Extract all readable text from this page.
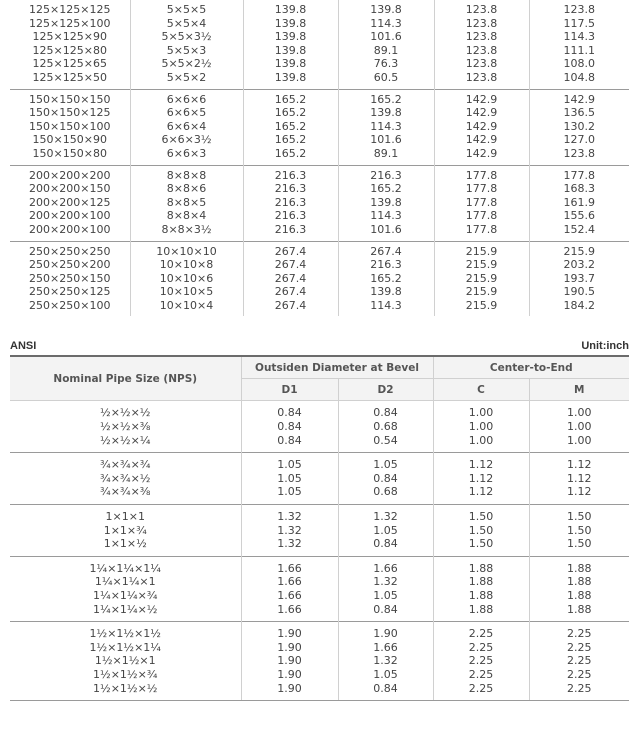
125×125×125	5×5×5	139.8	139.8	123.8	123.8
125×125×100	5×5×4	139.8	114.3	123.8	117.5
125×125×90	5×5×3½	139.8	101.6	123.8	114.3
125×125×80	5×5×3	139.8	89.1	123.8	111.1
125×125×65	5×5×2½	139.8	76.3	123.8	108.0
125×125×50	5×5×2	139.8	60.5	123.8	104.8
150×150×150	6×6×6	165.2	165.2	142.9	142.9
150×150×125	6×6×5	165.2	139.8	142.9	136.5
150×150×100	6×6×4	165.2	114.3	142.9	130.2
150×150×90	6×6×3½	165.2	101.6	142.9	127.0
150×150×80	6×6×3	165.2	89.1	142.9	123.8
200×200×200	8×8×8	216.3	216.3	177.8	177.8
200×200×150	8×8×6	216.3	165.2	177.8	168.3
200×200×125	8×8×5	216.3	139.8	177.8	161.9
200×200×100	8×8×4	216.3	114.3	177.8	155.6
200×200×100	8×8×3½	216.3	101.6	177.8	152.4
250×250×250	10×10×10	267.4	267.4	215.9	215.9
250×250×200	10×10×8	267.4	216.3	215.9	203.2
250×250×150	10×10×6	267.4	165.2	215.9	193.7
250×250×125	10×10×5	267.4	139.8	215.9	190.5
250×250×100	10×10×4	267.4	114.3	215.9	184.2
ANSI	Unit:inch
Nominal Pipe Size (NPS)	Outsiden Diameter at Bevel		Center-to-End	
	D1	D2	C	M
½×½×½	0.84	0.84	1.00	1.00
½×½×⅜	0.84	0.68	1.00	1.00
½×½×¼	0.84	0.54	1.00	1.00
¾×¾×¾	1.05	1.05	1.12	1.12
¾×¾×½	1.05	0.84	1.12	1.12
¾×¾×⅜	1.05	0.68	1.12	1.12
1×1×1	1.32	1.32	1.50	1.50
1×1×¾	1.32	1.05	1.50	1.50
1×1×½	1.32	0.84	1.50	1.50
1¼×1¼×1¼	1.66	1.66	1.88	1.88
1¼×1¼×1	1.66	1.32	1.88	1.88
1¼×1¼×¾	1.66	1.05	1.88	1.88
1¼×1¼×½	1.66	0.84	1.88	1.88
1½×1½×1½	1.90	1.90	2.25	2.25
1½×1½×1¼	1.90	1.66	2.25	2.25
1½×1½×1	1.90	1.32	2.25	2.25
1½×1½×¾	1.90	1.05	2.25	2.25
1½×1½×½	1.90	0.84	2.25	2.25
